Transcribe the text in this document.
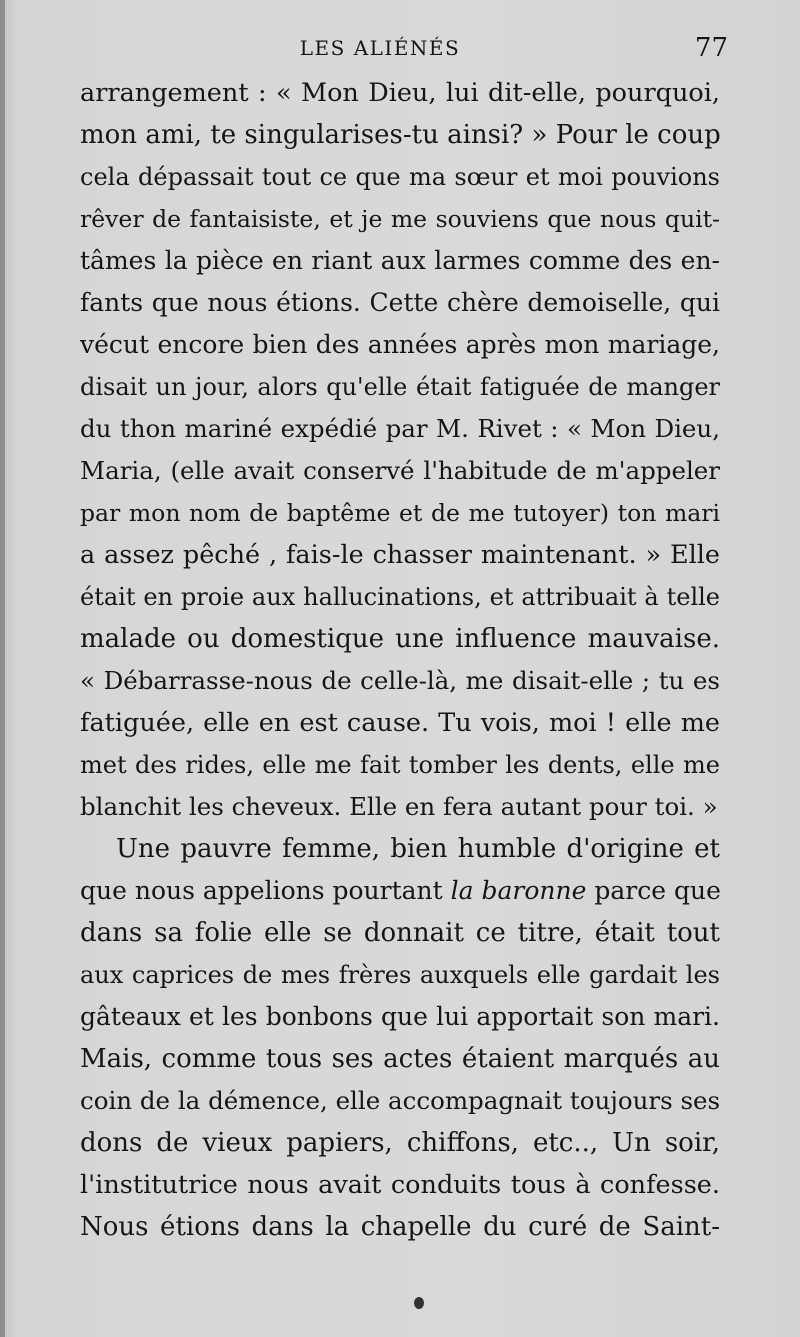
LES ALIÉNÉS	77
arrangement : « Mon Dieu, lui dit-elle, pourquoi,
mon ami, te singularises-tu ainsi? » Pour le coup
cela dépassait tout ce que ma sœur et moi pouvions
rêver de fantaisiste, et je me souviens que nous quit-
tâmes la pièce en riant aux larmes comme des en-
fants que nous étions. Cette chère demoiselle, qui
vécut encore bien des années après mon mariage,
disait un jour, alors qu'elle était fatiguée de manger
du thon mariné expédié par M. Rivet : « Mon Dieu,
Maria, (elle avait conservé l'habitude de m'appeler
par mon nom de baptême et de me tutoyer) ton mari
a assez pêché , fais-le chasser maintenant. » Elle
était en proie aux hallucinations, et attribuait à telle
malade ou domestique une influence mauvaise.
« Débarrasse-nous de celle-là, me disait-elle ; tu es
fatiguée, elle en est cause. Tu vois, moi ! elle me
met des rides, elle me fait tomber les dents, elle me
blanchit les cheveux. Elle en fera autant pour toi. »
Une pauvre femme, bien humble d'origine et
que nous appelions pourtant la baronne parce que
dans sa folie elle se donnait ce titre, était tout
aux caprices de mes frères auxquels elle gardait les
gâteaux et les bonbons que lui apportait son mari.
Mais, comme tous ses actes étaient marqués au
coin de la démence, elle accompagnait toujours ses
dons de vieux papiers, chiffons, etc.., Un soir,
l'institutrice nous avait conduits tous à confesse.
Nous étions dans la chapelle du curé de Saint-
